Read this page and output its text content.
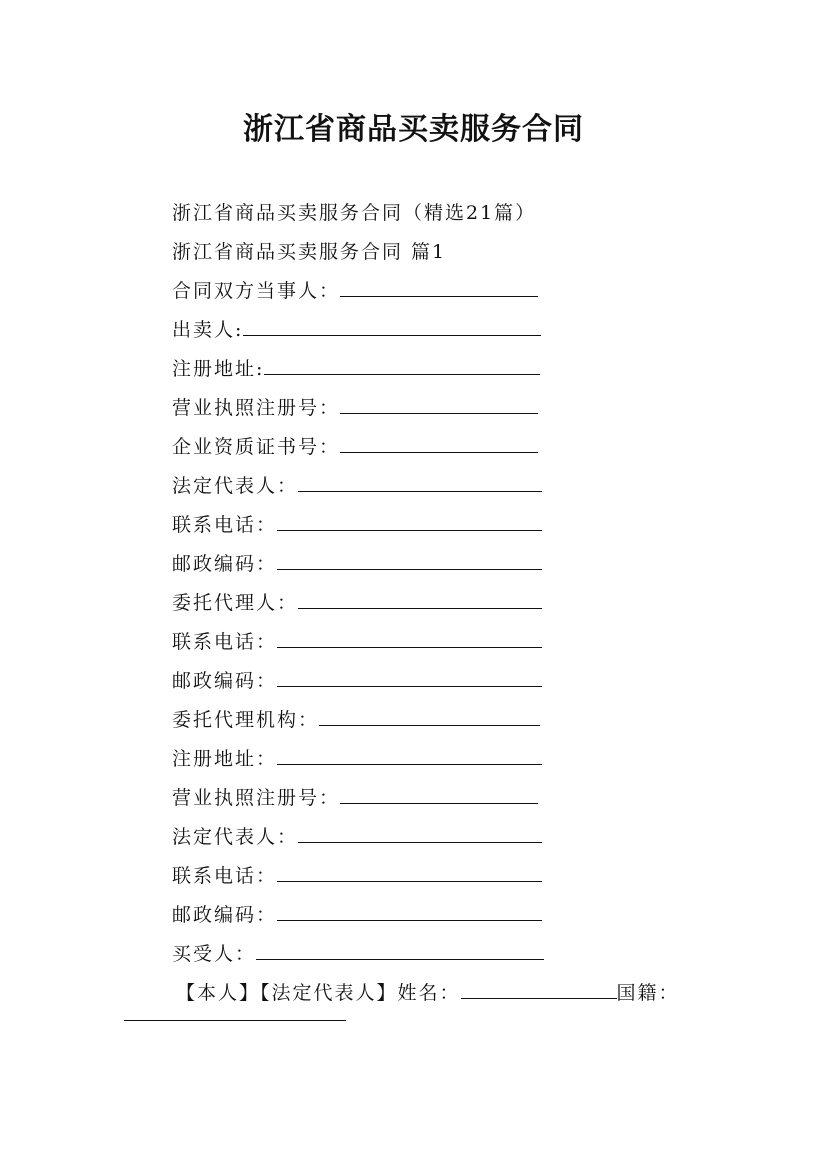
浙江省商品买卖服务合同
浙江省商品买卖服务合同（精选21篇）
浙江省商品买卖服务合同 篇1
合同双方当事人：
出卖人:
注册地址:
营业执照注册号：
企业资质证书号：
法定代表人：
联系电话：
邮政编码：
委托代理人：
联系电话：
邮政编码：
委托代理机构：
注册地址：
营业执照注册号：
法定代表人：
联系电话：
邮政编码：
买受人：
【本人】【法定代表人】姓名：	国籍：
